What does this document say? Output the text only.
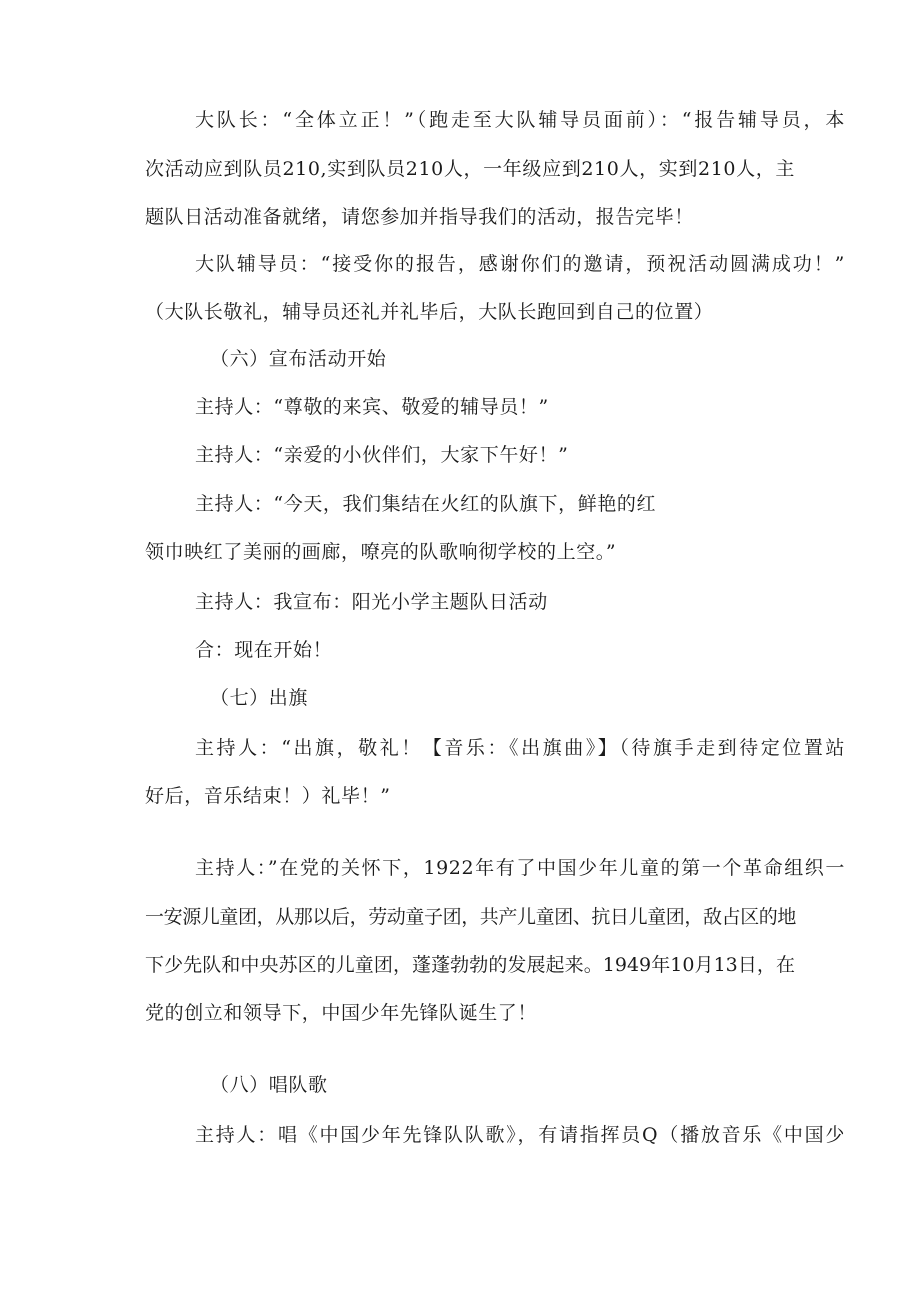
大队长：“全体立正！”（跑走至大队辅导员面前）：“报告辅导员，本
次活动应到队员210,实到队员210人，一年级应到210人，实到210人，主
题队日活动准备就绪，请您参加并指导我们的活动，报告完毕！
大队辅导员：“接受你的报告，感谢你们的邀请，预祝活动圆满成功！”
（大队长敬礼，辅导员还礼并礼毕后，大队长跑回到自己的位置）
（六）宣布活动开始
主持人：“尊敬的来宾、敬爱的辅导员！”
主持人：“亲爱的小伙伴们，大家下午好！”
主持人：“今天，我们集结在火红的队旗下，鲜艳的红
领巾映红了美丽的画廊，嘹亮的队歌响彻学校的上空。”
主持人：我宣布：阳光小学主题队日活动
合：现在开始！
（七）出旗
主持人：“出旗，敬礼！【音乐：《出旗曲》】（待旗手走到待定位置站
好后，音乐结束！）礼毕！”
主持人：”在党的关怀下，1922年有了中国少年儿童的第一个革命组织一
一安源儿童团，从那以后，劳动童子团，共产儿童团、抗日儿童团，敌占区的地
下少先队和中央苏区的儿童团，蓬蓬勃勃的发展起来。1949年10月13日，在
党的创立和领导下，中国少年先锋队诞生了！
（八）唱队歌
主持人：唱《中国少年先锋队队歌》，有请指挥员Q（播放音乐《中国少
